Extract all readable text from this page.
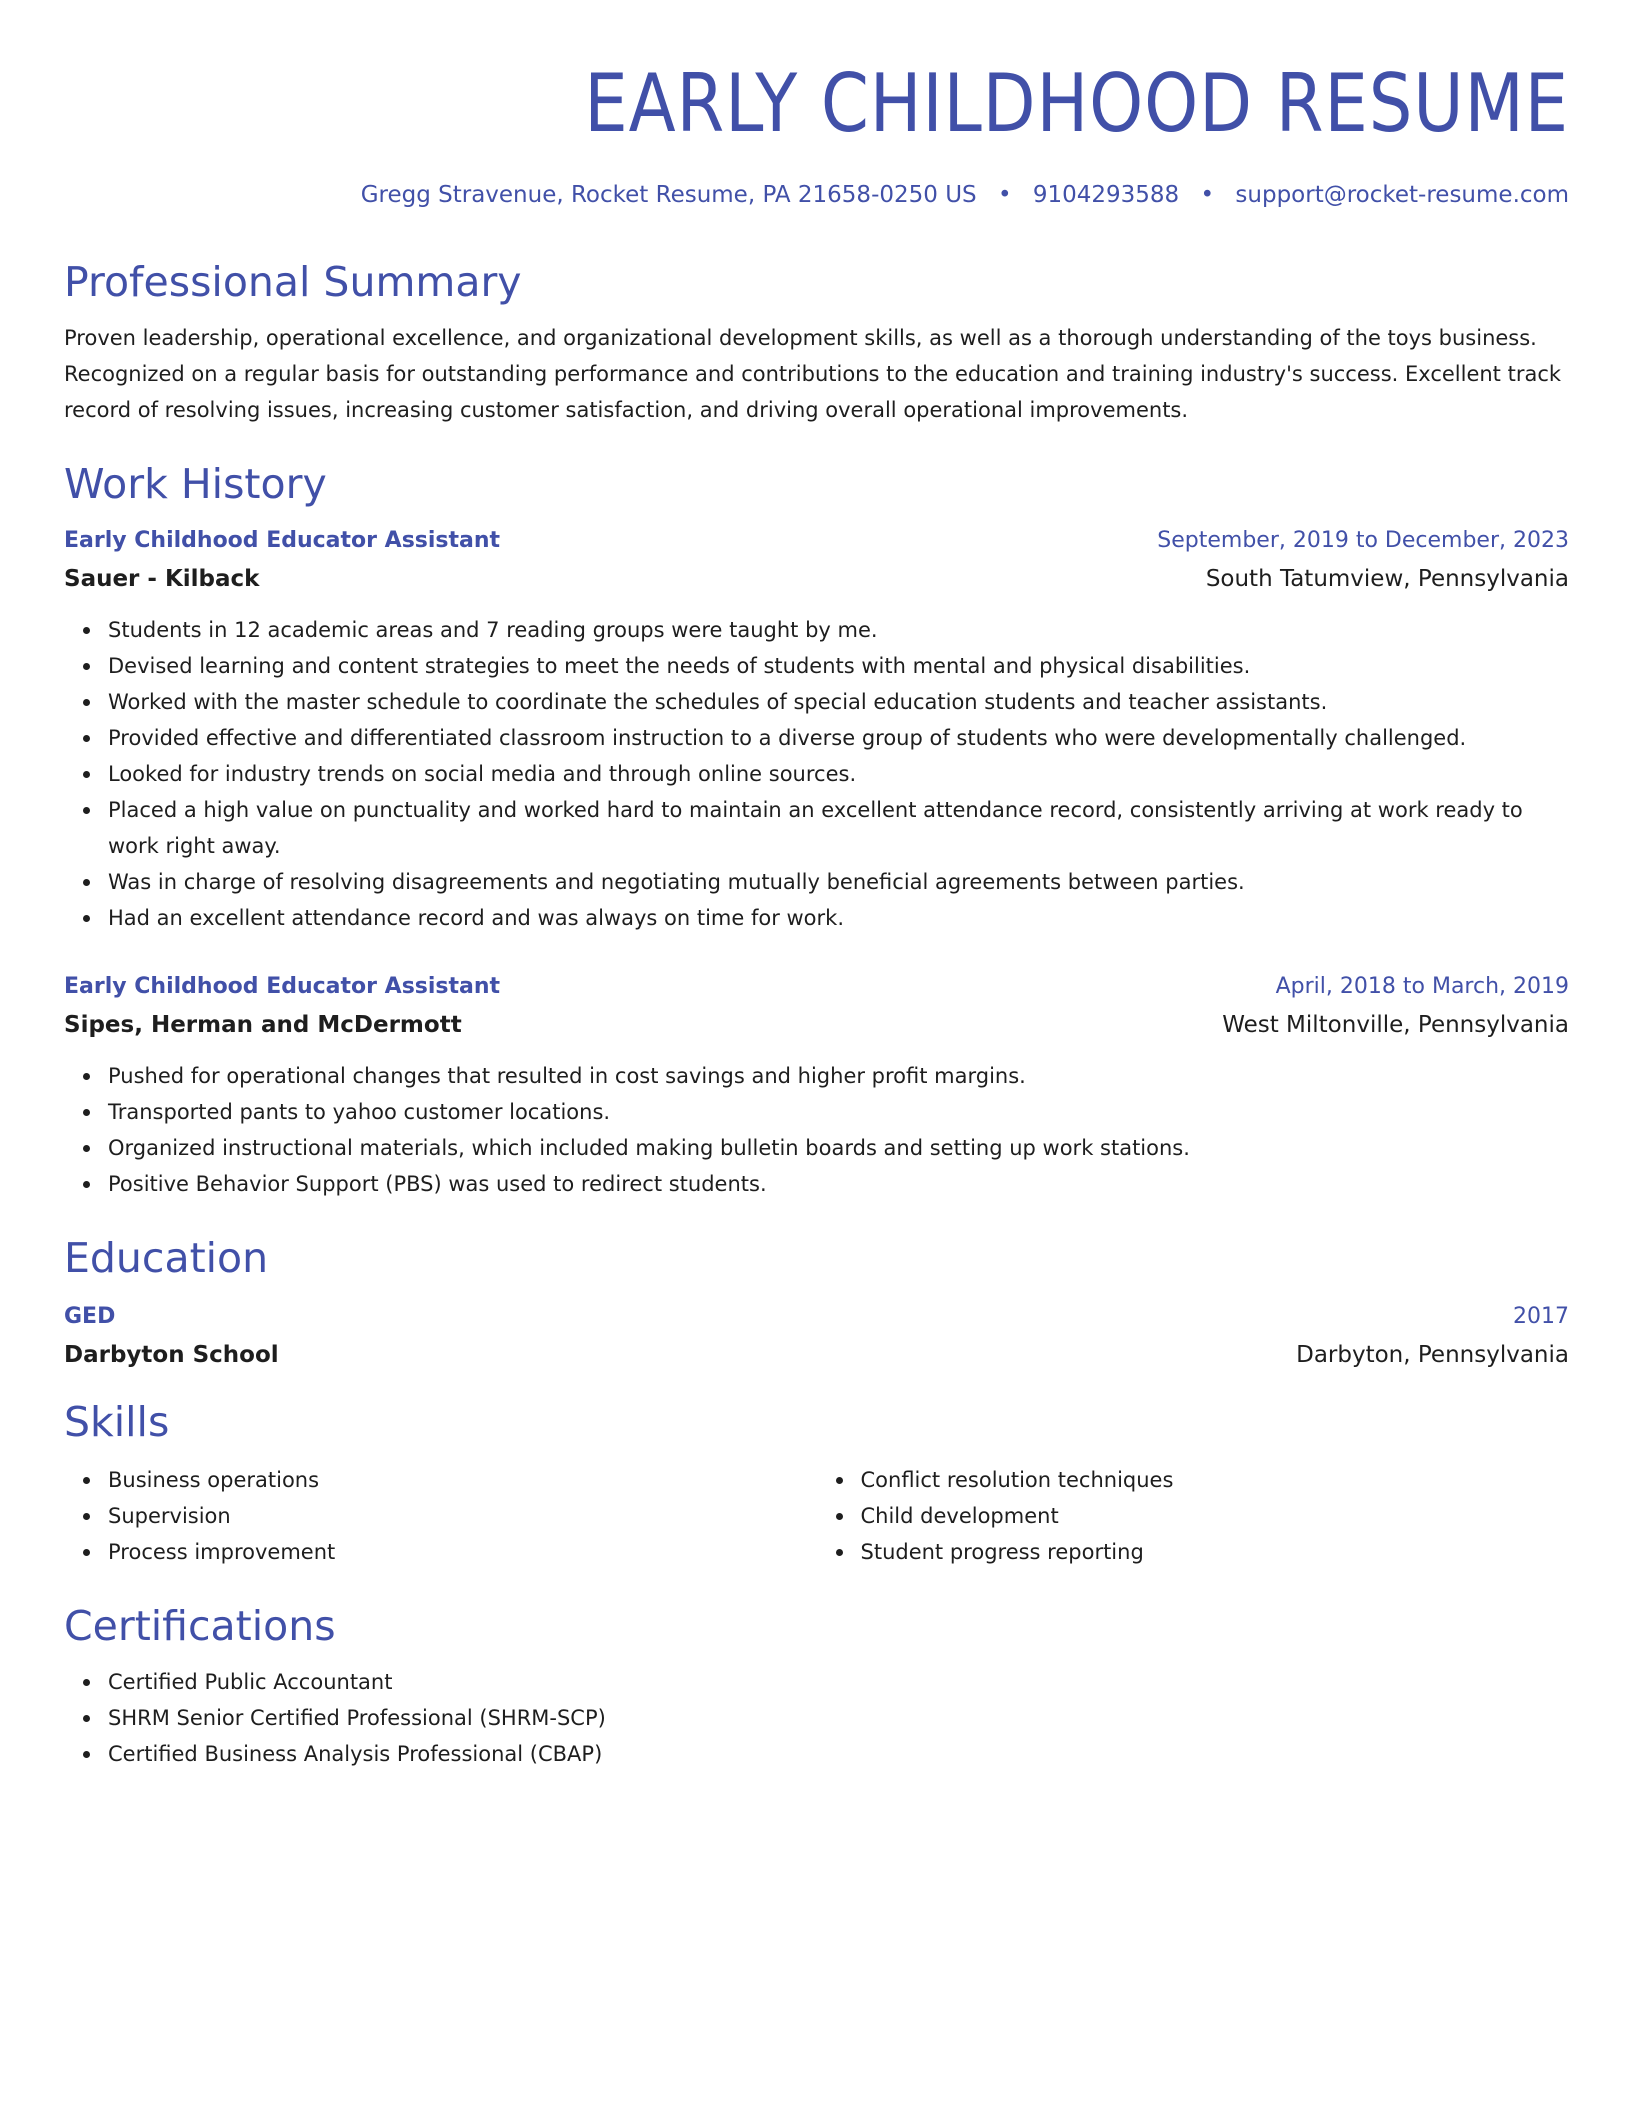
EARLY CHILDHOOD RESUME
Gregg Stravenue, Rocket Resume, PA 21658-0250 US • 9104293588 • support@rocket-resume.com
Professional Summary

Proven leadership, operational excellence, and organizational development skills, as well as a thorough understanding of the toys business. Recognized on a regular basis for outstanding performance and contributions to the education and training industry's success. Excellent track record of resolving issues, increasing customer satisfaction, and driving overall operational improvements.

Work History
Early Childhood Educator Assistant	September, 2019 to December, 2023
Sauer - Kilback	South Tatumview, Pennsylvania
Students in 12 academic areas and 7 reading groups were taught by me.
Devised learning and content strategies to meet the needs of students with mental and physical disabilities.
Worked with the master schedule to coordinate the schedules of special education students and teacher assistants.
Provided effective and differentiated classroom instruction to a diverse group of students who were developmentally challenged.
Looked for industry trends on social media and through online sources.
Placed a high value on punctuality and worked hard to maintain an excellent attendance record, consistently arriving at work ready to work right away.
Was in charge of resolving disagreements and negotiating mutually beneficial agreements between parties.
Had an excellent attendance record and was always on time for work.
Early Childhood Educator Assistant	April, 2018 to March, 2019
Sipes, Herman and McDermott	West Miltonville, Pennsylvania
Pushed for operational changes that resulted in cost savings and higher profit margins.
Transported pants to yahoo customer locations.
Organized instructional materials, which included making bulletin boards and setting up work stations.
Positive Behavior Support (PBS) was used to redirect students.
Education
GED	2017
Darbyton School	Darbyton, Pennsylvania
Skills
Business operations
Supervision
Process improvement
Conflict resolution techniques
Child development
Student progress reporting
Certifications
Certified Public Accountant
SHRM Senior Certified Professional (SHRM-SCP)
Certified Business Analysis Professional (CBAP)
